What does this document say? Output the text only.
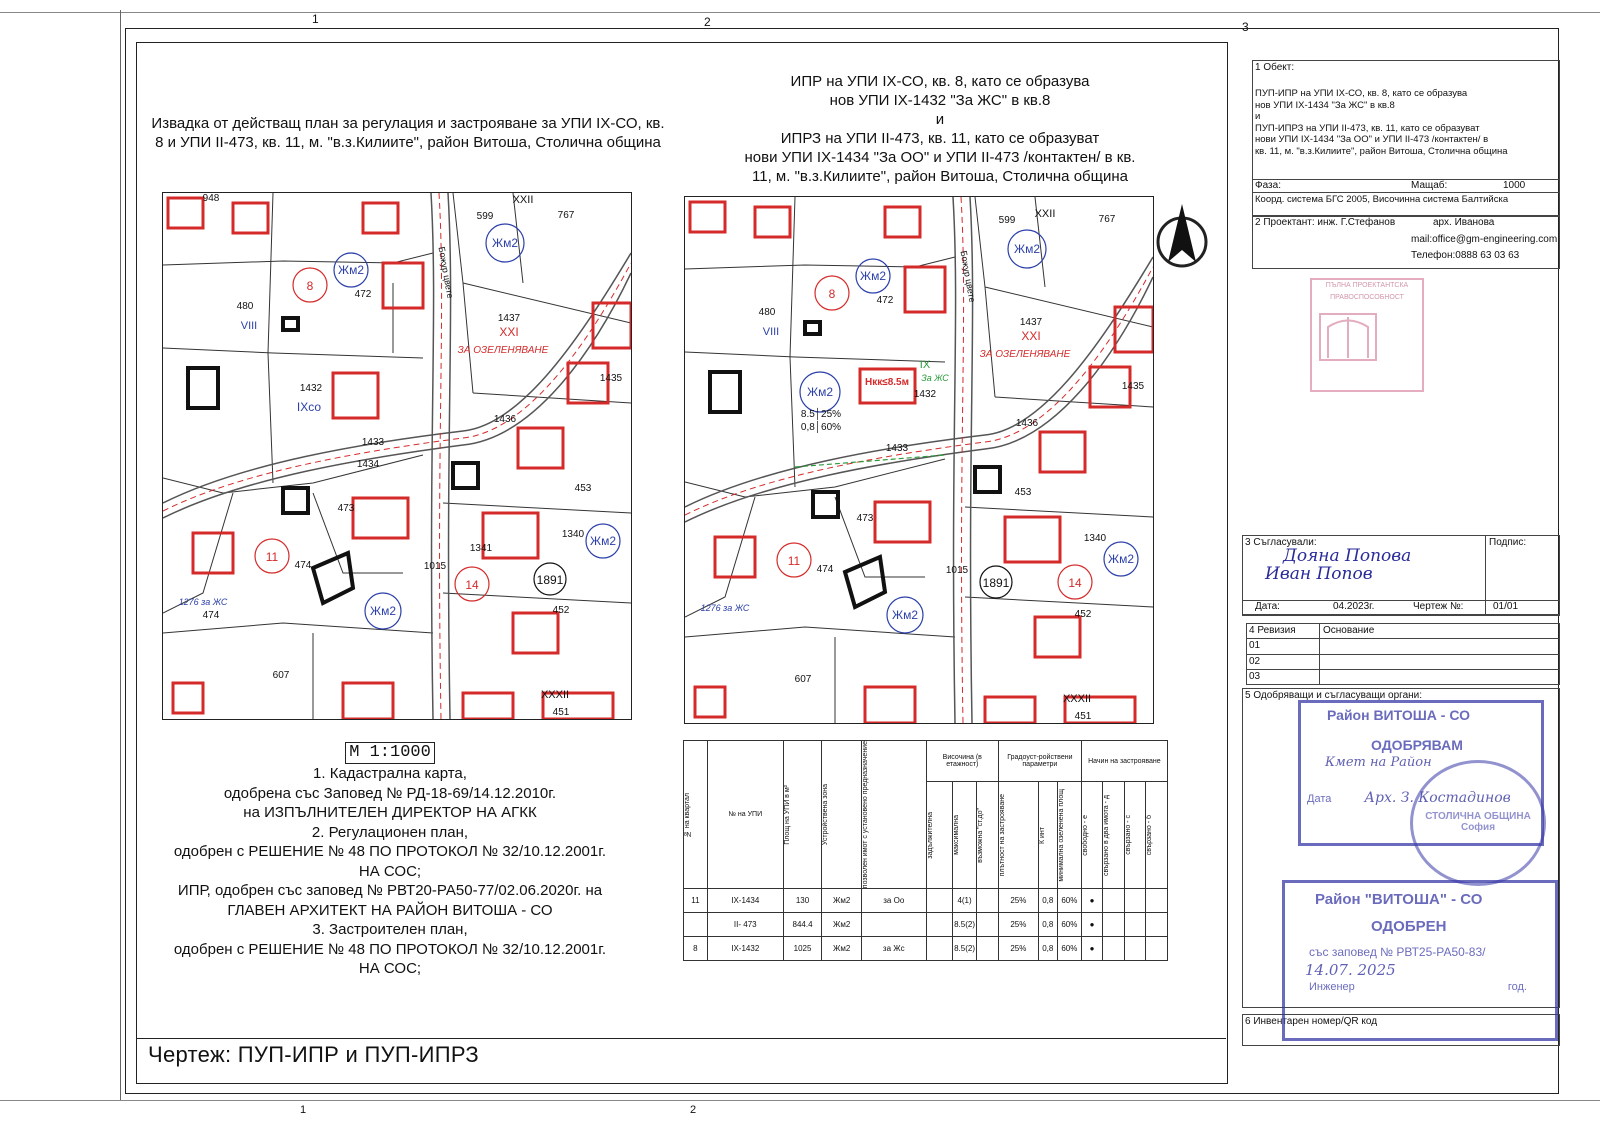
1	2	3
Извадка от действащ план за регулация и застрояване за УПИ IX-СО, кв. 8 и УПИ II-473, кв. 11, м. "в.з.Килиите", район Витоша, Столична община
ИПР на УПИ IX-СО, кв. 8, като се образува
нов УПИ IX-1432 "За ЖС" в кв.8
и
ИПРЗ на УПИ II-473, кв. 11, като се образуват
нови УПИ IX-1434 "За ОО" и УПИ II-473 /контактен/ в кв.
11, м. "в.з.Килиите", район Витоша, Столична община
8
11
14
Жм2
Жм2
Жм2
Жм2
1891
XXI
ЗА ОЗЕЛЕНЯВАНЕ
1437
472
480
VIII
1432
IXсо
1433
1434
473
474
453
1340
1341
452
607
451
XXXII
599
XXII
948
1435
1436
767
1015
1276 за ЖС
474
Божур цвете	8
11
14
Жм2
Жм2
Жм2
Жм2
Жм2
1891
XXI
ЗА ОЗЕЛЕНЯВАНЕ
1437
472
480
VIII
Hкк≤8.5м
IX
За ЖС
1432
8.5│25%
0,8│60%
1433
473
474
453
1340
452
607
451
XXXII
599
XXII
1435
1436
767
1015
1276 за ЖС
Божур цвете
М 1:1000
1. Кадастрална карта,
одобрена със Заповед № РД-18-69/14.12.2010г.
на ИЗПЪЛНИТЕЛЕН ДИРЕКТОР НА АГКК
2. Регулационен план,
одобрен с РЕШЕНИЕ № 48 ПО ПРОТОКОЛ № 32/10.12.2001г.
НА СОС;
ИПР, одобрен със заповед № РВТ20-РА50-77/02.06.2020г. на
ГЛАВЕН АРХИТЕКТ НА РАЙОН ВИТОША - СО
3. Застроителен план,
одобрен с РЕШЕНИЕ № 48 ПО ПРОТОКОЛ № 32/10.12.2001г.
НА СОС;
Чертеж: ПУП-ИПР и ПУП-ИПРЗ
№ на квартал	№ на УПИ	Площ на УПИ в м²	Устройствена зона	позволен имот с установено предназначение	Височина (в етажност)			Градоуст-ройствени параметри			Начин на застрояване			

					задължителна	максимална	възможна "ст.до"	плътност на застрояване	К инт	минимална озеленена площ	свободно - е	свързано в два имота - д	свързано - с	свързано - б

11	IX-1434	130	Жм2	за Оо		4(1)		25%	0,8	60%	●			
	II- 473	844.4	Жм2			8.5(2)		25%	0,8	60%	●			
8	IX-1432	1025	Жм2	за Жс		8.5(2)		25%	0,8	60%	●			
1 Обект:
ПУП-ИПР на УПИ IX-СО, кв. 8, като се образува
нов УПИ IX-1434 "За ЖС" в кв.8
и
ПУП-ИПРЗ на УПИ II-473, кв. 11, като се образуват
нови УПИ IX-1434 "За ОО" и УПИ II-473 /контактен/ в
кв. 11, м. "в.з.Килиите", район Витоша, Столична община
Фаза:	Мащаб:	1000
Коорд. система БГС 2005, Височинна система Балтийска
2 Проектант: инж. Г.Стефанов	арх. Иванова
mail:office@gm-engineering.com
Телефон:0888 63 03 63
ПЪЛНА ПРОЕКТАНТСКА ПРАВОСПОСОБНОСТ
3 Съгласували:	Подпис:
Дояна Попова
Иван Попов
Дата:	04.2023г.	Чертеж №:	01/01
4 Ревизия	Основание
01
02
03
5 Одобряващи и съгласуващи органи:
6 Инвентарен номер/QR код
Район ВИТОША - СО
ОДОБРЯВАМ
Кмет на Район
Дата Арх. З. Костадинов
СТОЛИЧНА ОБЩИНА София
Район "ВИТОША" - СО
ОДОБРЕН
със заповед № РВТ25-РА50-83/
14.07. 2025
Инженер	год.
1	2
